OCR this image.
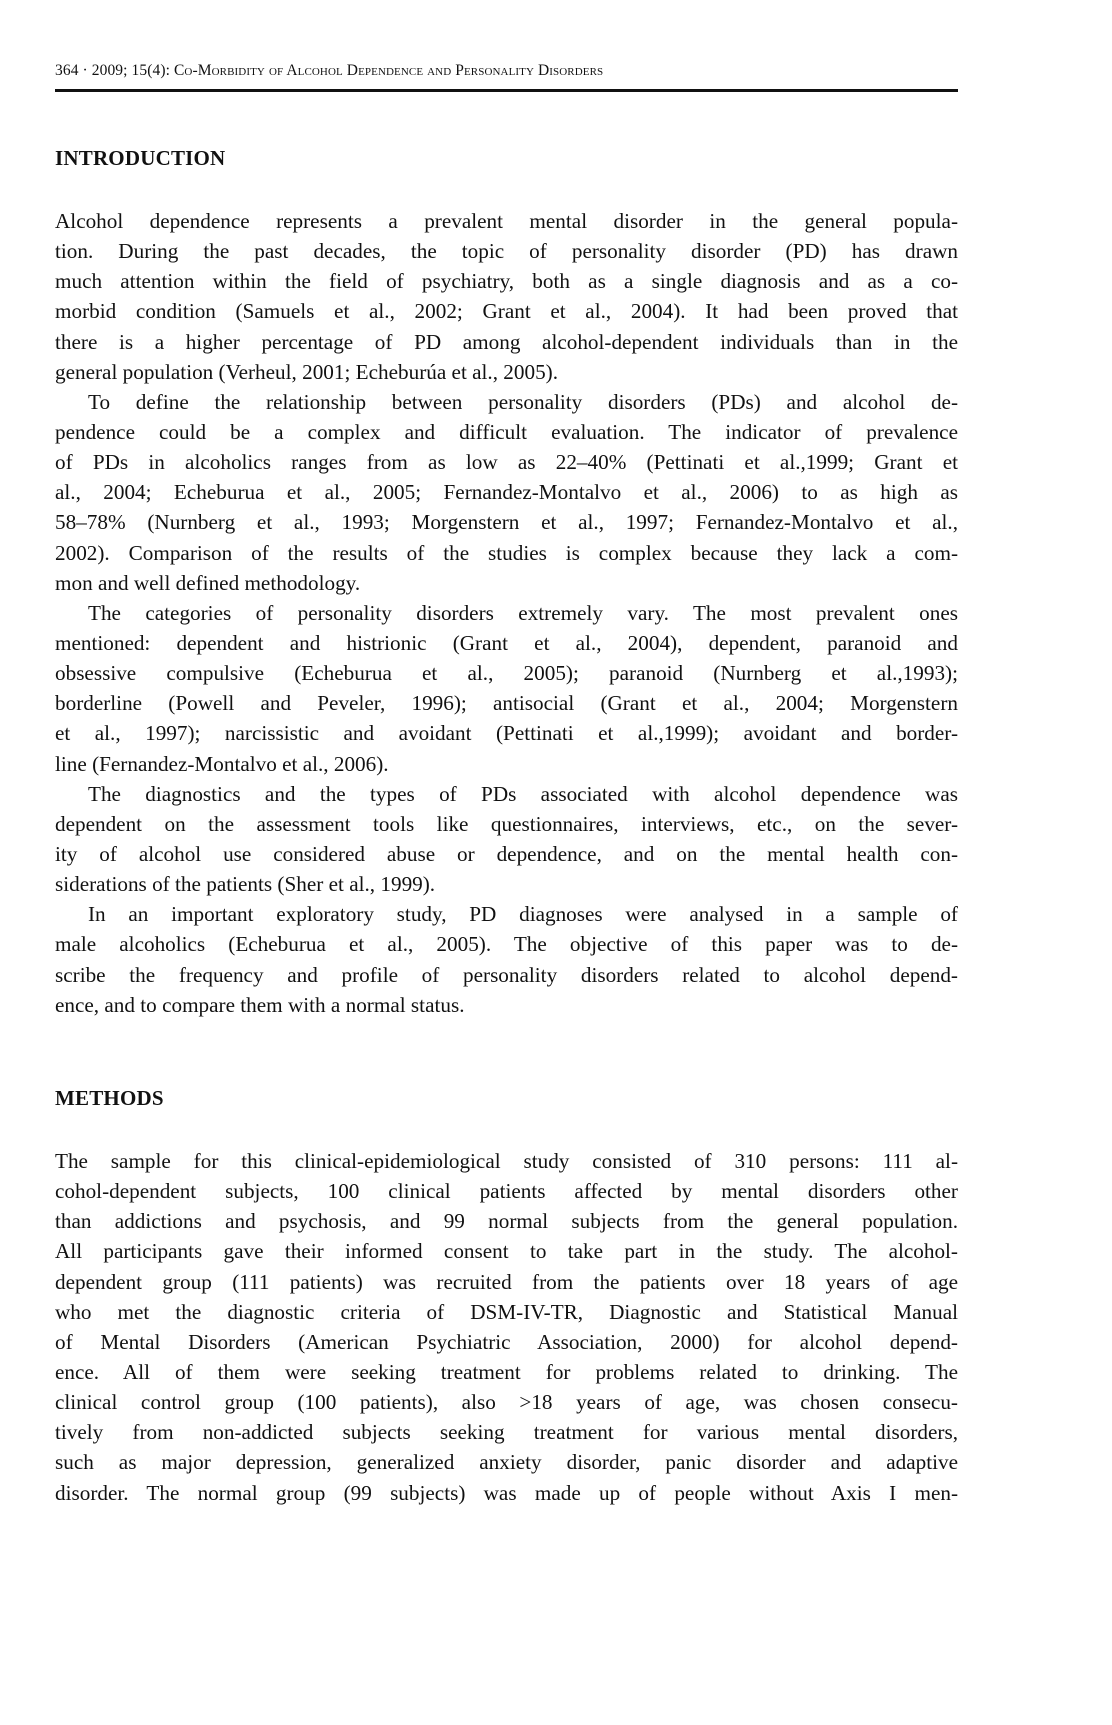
364 · 2009; 15(4): Co-Morbidity of Alcohol Dependence and Personality Disorders
INTRODUCTION
Alcohol dependence represents a prevalent mental disorder in the general popula-
tion. During the past decades, the topic of personality disorder (PD) has drawn
much attention within the field of psychiatry, both as a single diagnosis and as a co-
morbid condition (Samuels et al., 2002; Grant et al., 2004). It had been proved that
there is a higher percentage of PD among alcohol-dependent individuals than in the
general population (Verheul, 2001; Echeburúa et al., 2005).
To define the relationship between personality disorders (PDs) and alcohol de-
pendence could be a complex and difficult evaluation. The indicator of prevalence
of PDs in alcoholics ranges from as low as 22–40% (Pettinati et al.,1999; Grant et
al., 2004; Echeburua et al., 2005; Fernandez-Montalvo et al., 2006) to as high as
58–78% (Nurnberg et al., 1993; Morgenstern et al., 1997; Fernandez-Montalvo et al.,
2002). Comparison of the results of the studies is complex because they lack a com-
mon and well defined methodology.
The categories of personality disorders extremely vary. The most prevalent ones
mentioned: dependent and histrionic (Grant et al., 2004), dependent, paranoid and
obsessive compulsive (Echeburua et al., 2005); paranoid (Nurnberg et al.,1993);
borderline (Powell and Peveler, 1996); antisocial (Grant et al., 2004; Morgenstern
et al., 1997); narcissistic and avoidant (Pettinati et al.,1999); avoidant and border-
line (Fernandez-Montalvo et al., 2006).
The diagnostics and the types of PDs associated with alcohol dependence was
dependent on the assessment tools like questionnaires, interviews, etc., on the sever-
ity of alcohol use considered abuse or dependence, and on the mental health con-
siderations of the patients (Sher et al., 1999).
In an important exploratory study, PD diagnoses were analysed in a sample of
male alcoholics (Echeburua et al., 2005). The objective of this paper was to de-
scribe the frequency and profile of personality disorders related to alcohol depend-
ence, and to compare them with a normal status.
METHODS
The sample for this clinical-epidemiological study consisted of 310 persons: 111 al-
cohol-dependent subjects, 100 clinical patients affected by mental disorders other
than addictions and psychosis, and 99 normal subjects from the general population.
All participants gave their informed consent to take part in the study. The alcohol-
dependent group (111 patients) was recruited from the patients over 18 years of age
who met the diagnostic criteria of DSM-IV-TR, Diagnostic and Statistical Manual
of Mental Disorders (American Psychiatric Association, 2000) for alcohol depend-
ence. All of them were seeking treatment for problems related to drinking. The
clinical control group (100 patients), also >18 years of age, was chosen consecu-
tively from non-addicted subjects seeking treatment for various mental disorders,
such as major depression, generalized anxiety disorder, panic disorder and adaptive
disorder. The normal group (99 subjects) was made up of people without Axis I men-
